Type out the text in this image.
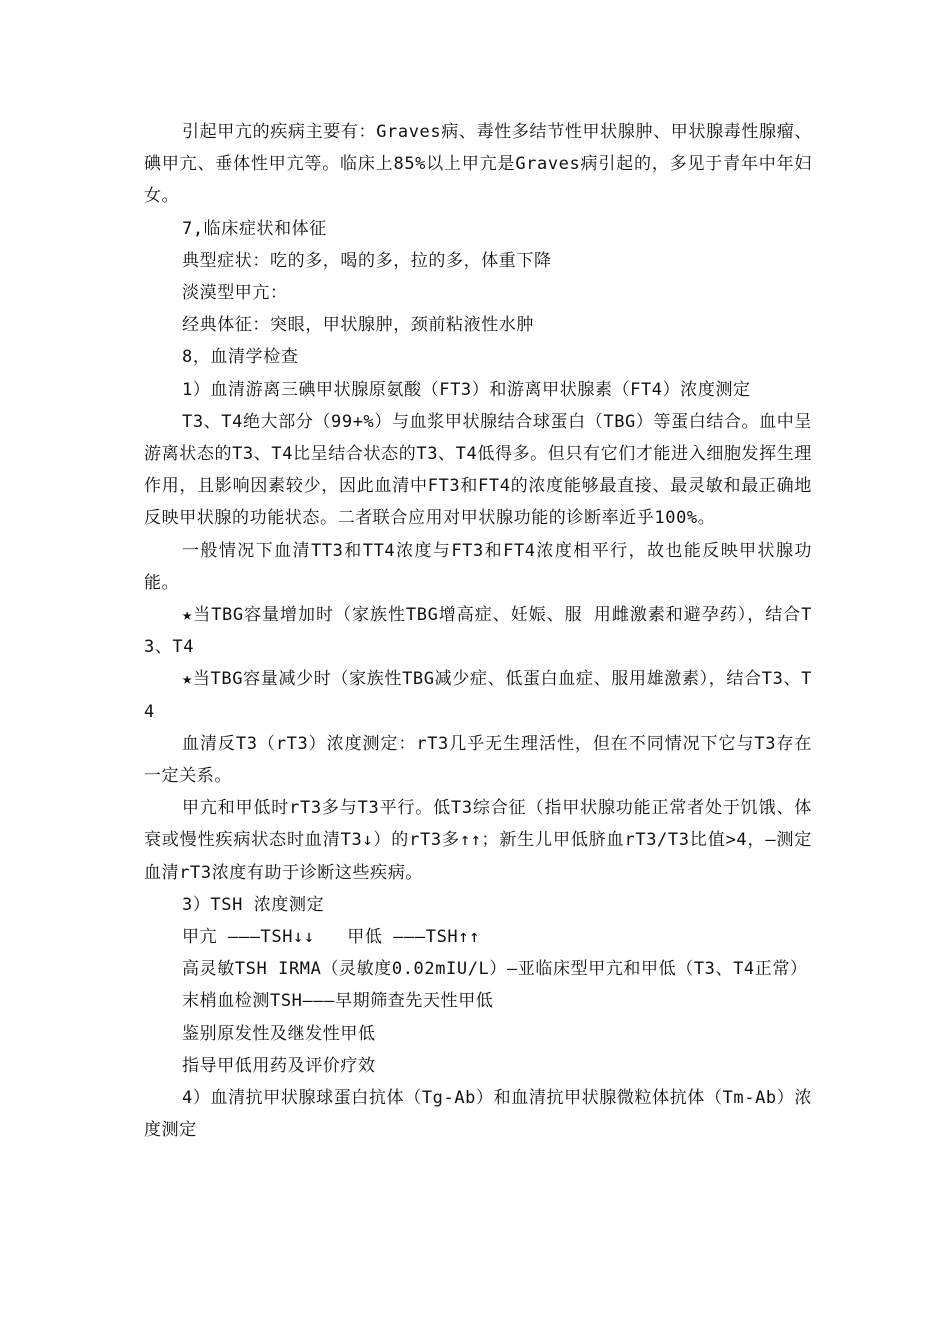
引起甲亢的疾病主要有：Graves病、毒性多结节性甲状腺肿、甲状腺毒性腺瘤、碘甲亢、垂体性甲亢等。临床上85%以上甲亢是Graves病引起的，多见于青年中年妇女。

7,临床症状和体征

典型症状：吃的多，喝的多，拉的多，体重下降

淡漠型甲亢：

经典体征：突眼，甲状腺肿，颈前粘液性水肿

8，血清学检查

1）血清游离三碘甲状腺原氨酸（FT3）和游离甲状腺素（FT4）浓度测定

T3、T4绝大部分（99+%）与血浆甲状腺结合球蛋白（TBG）等蛋白结合。血中呈游离状态的T3、T4比呈结合状态的T3、T4低得多。但只有它们才能进入细胞发挥生理作用，且影响因素较少，因此血清中FT3和FT4的浓度能够最直接、最灵敏和最正确地反映甲状腺的功能状态。二者联合应用对甲状腺功能的诊断率近乎100%。

一般情况下血清TT3和TT4浓度与FT3和FT4浓度相平行，故也能反映甲状腺功能。

★当TBG容量增加时（家族性TBG增高症、妊娠、服 用雌激素和避孕药），结合T3、T4

★当TBG容量减少时（家族性TBG减少症、低蛋白血症、服用雄激素），结合T3、T4

血清反T3（rT3）浓度测定：rT3几乎无生理活性，但在不同情况下它与T3存在一定关系。

甲亢和甲低时rT3多与T3平行。低T3综合征（指甲状腺功能正常者处于饥饿、体衰或慢性疾病状态时血清T3↓）的rT3多↑↑；新生儿甲低脐血rT3/T3比值>4，—测定血清rT3浓度有助于诊断这些疾病。

3）TSH 浓度测定

甲亢 ———TSH↓↓   甲低 ———TSH↑↑

高灵敏TSH IRMA（灵敏度0.02mIU/L）—亚临床型甲亢和甲低（T3、T4正常）

末梢血检测TSH———早期筛查先天性甲低

鉴别原发性及继发性甲低

指导甲低用药及评价疗效

4）血清抗甲状腺球蛋白抗体（Tg-Ab）和血清抗甲状腺微粒体抗体（Tm-Ab）浓度测定
